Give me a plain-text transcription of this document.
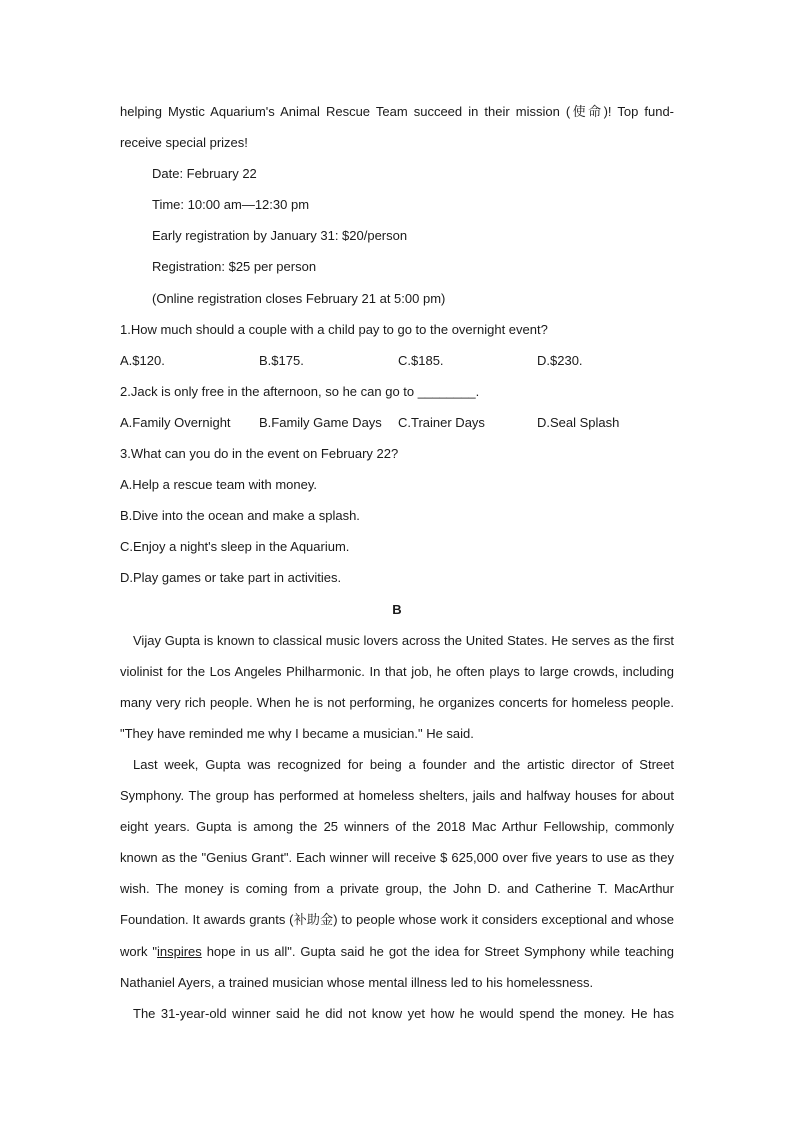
helping Mystic Aquarium's Animal Rescue Team succeed in their mission (使命)! Top fund-
receive special prizes!
Date: February 22
Time: 10:00 am—12:30 pm
Early registration by January 31: $20/person
Registration: $25 per person
(Online registration closes February 21 at 5:00 pm)
1.How much should a couple with a child pay to go to the overnight event?
A.$120.	B.$175.	C.$185.	D.$230.
2.Jack is only free in the afternoon, so he can go to ________.
A.Family Overnight	B.Family Game Days	C.Trainer Days	D.Seal Splash
3.What can you do in the event on February 22?
A.Help a rescue team with money.
B.Dive into the ocean and make a splash.
C.Enjoy a night's sleep in the Aquarium.
D.Play games or take part in activities.
B
Vijay Gupta is known to classical music lovers across the United States. He serves as the first
violinist for the Los Angeles Philharmonic. In that job, he often plays to large crowds, including
many very rich people. When he is not performing, he organizes concerts for homeless people.
"They have reminded me why I became a musician." He said.
Last week, Gupta was recognized for being a founder and the artistic director of Street
Symphony. The group has performed at homeless shelters, jails and halfway houses for about
eight years. Gupta is among the 25 winners of the 2018 Mac Arthur Fellowship, commonly
known as the "Genius Grant". Each winner will receive $ 625,000 over five years to use as they
wish. The money is coming from a private group, the John D. and Catherine T. MacArthur
Foundation. It awards grants (补助金) to people whose work it considers exceptional and whose
work "inspires hope in us all". Gupta said he got the idea for Street Symphony while teaching
Nathaniel Ayers, a trained musician whose mental illness led to his homelessness.
The 31-year-old winner said he did not know yet how he would spend the money. He has
